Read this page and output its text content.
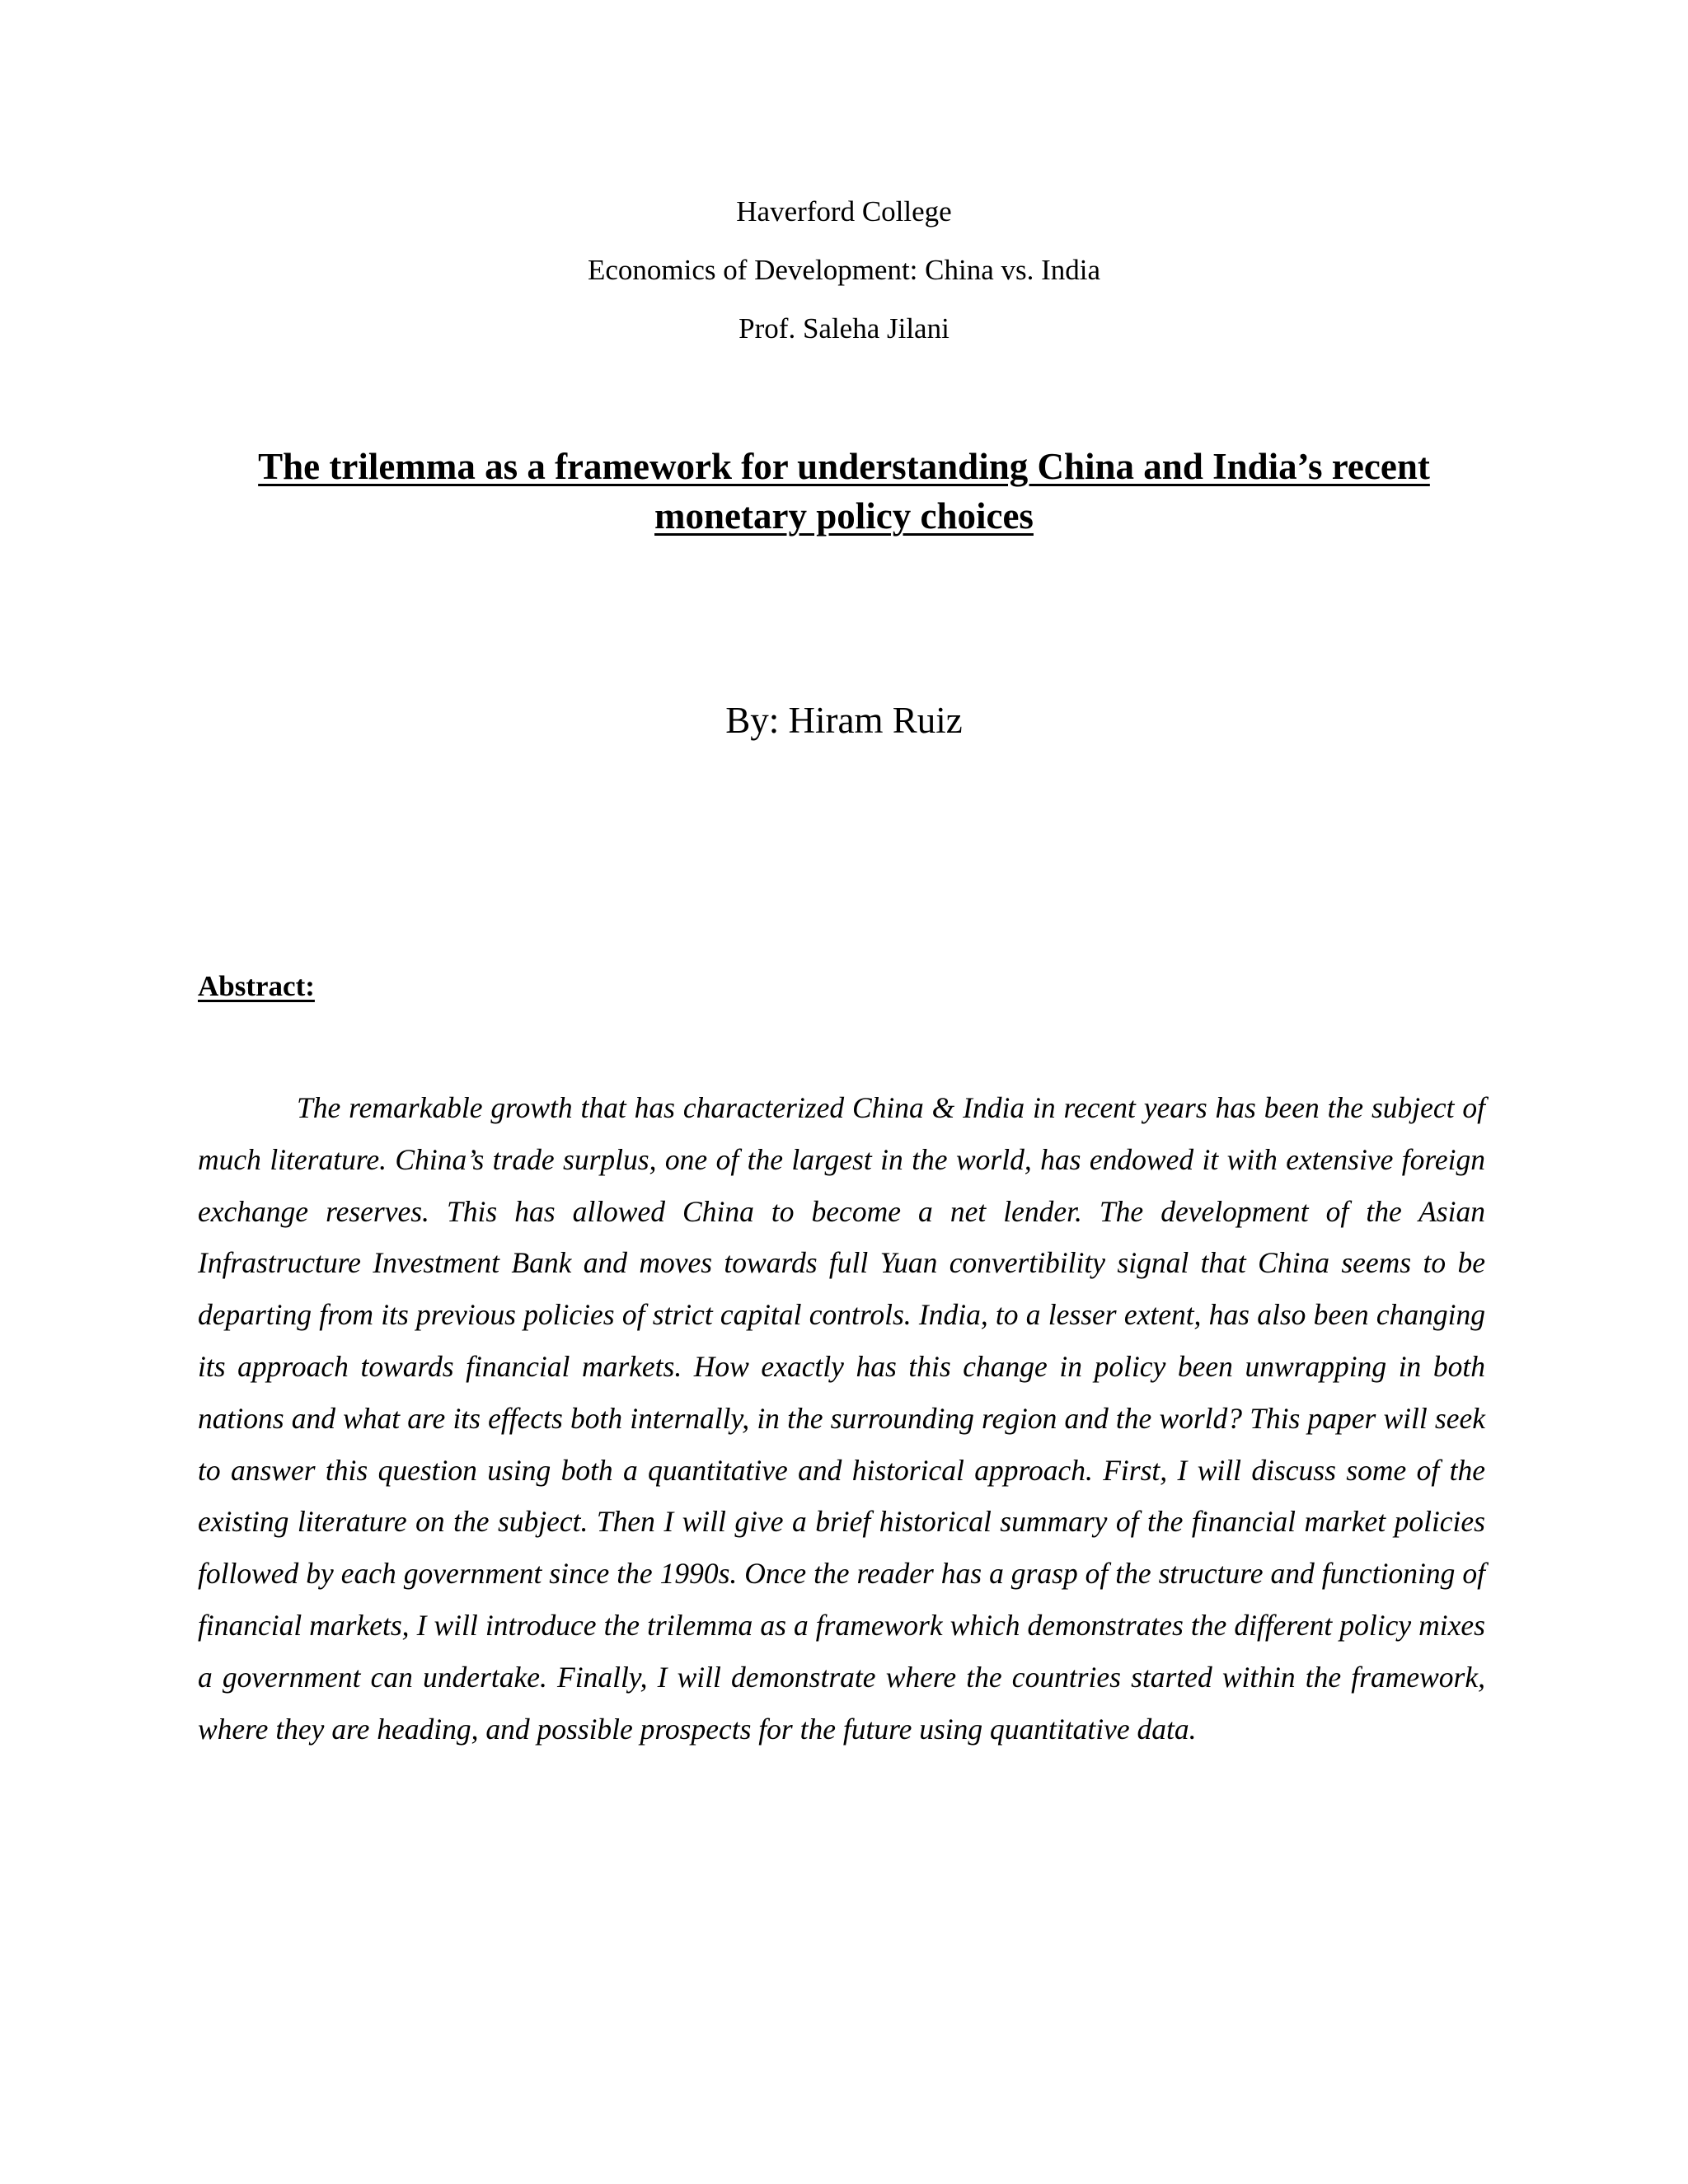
Haverford College
Economics of Development: China vs. India
Prof. Saleha Jilani
The trilemma as a framework for understanding China and India’s recent monetary policy choices
By: Hiram Ruiz
Abstract:

The remarkable growth that has characterized China & India in recent years has been the subject of much literature. China’s trade surplus, one of the largest in the world, has endowed it with extensive foreign exchange reserves. This has allowed China to become a net lender. The development of the Asian Infrastructure Investment Bank and moves towards full Yuan convertibility signal that China seems to be departing from its previous policies of strict capital controls. India, to a lesser extent, has also been changing its approach towards financial markets. How exactly has this change in policy been unwrapping in both nations and what are its effects both internally, in the surrounding region and the world? This paper will seek to answer this question using both a quantitative and historical approach. First, I will discuss some of the existing literature on the subject. Then I will give a brief historical summary of the financial market policies followed by each government since the 1990s. Once the reader has a grasp of the structure and functioning of financial markets, I will introduce the trilemma as a framework which demonstrates the different policy mixes a government can undertake. Finally, I will demonstrate where the countries started within the framework, where they are heading, and possible prospects for the future using quantitative data.
